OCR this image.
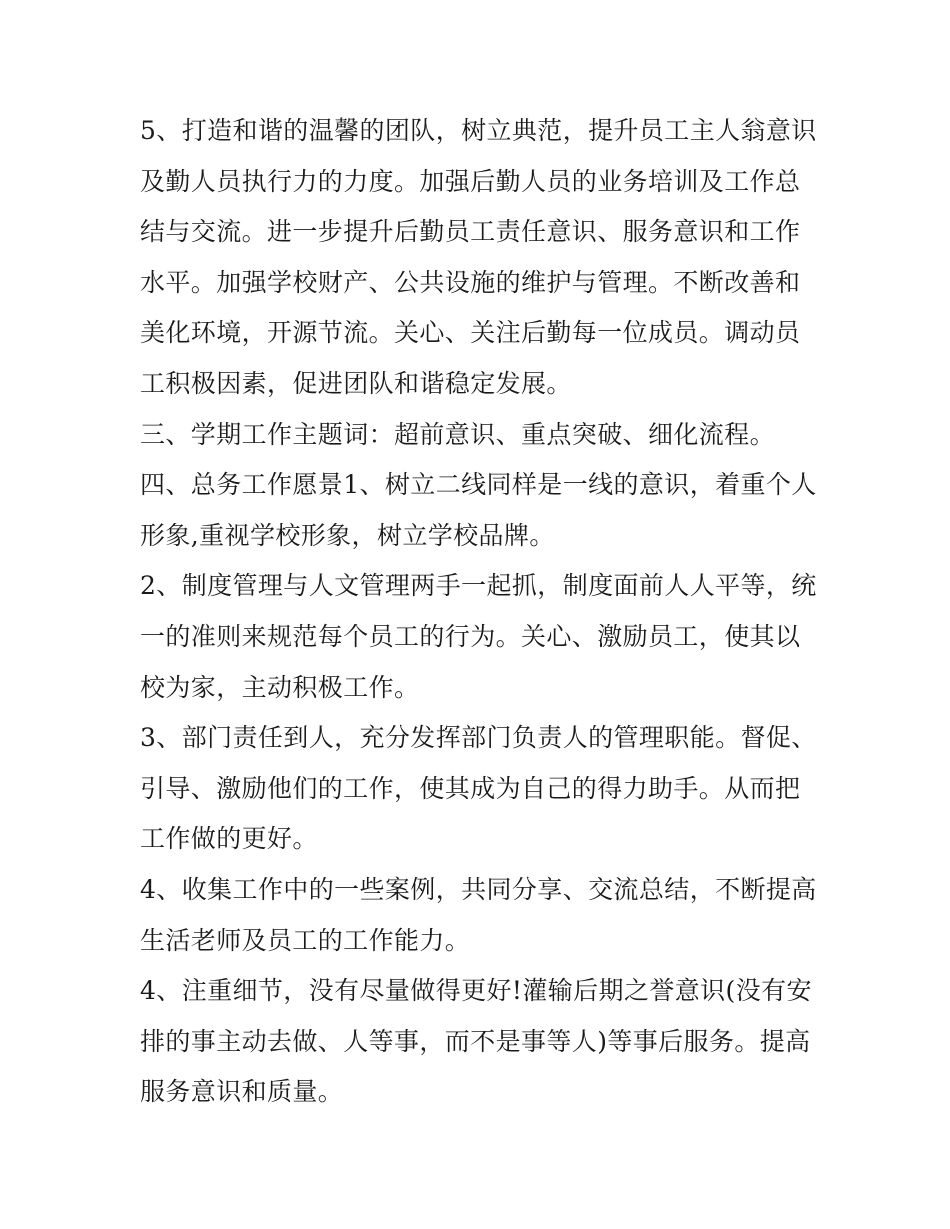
5、打造和谐的温馨的团队，树立典范，提升员工主人翁意识及勤人员执行力的力度。加强后勤人员的业务培训及工作总结与交流。进一步提升后勤员工责任意识、服务意识和工作水平。加强学校财产、公共设施的维护与管理。不断改善和美化环境，开源节流。关心、关注后勤每一位成员。调动员工积极因素，促进团队和谐稳定发展。

三、学期工作主题词：超前意识、重点突破、细化流程。

四、总务工作愿景1、树立二线同样是一线的意识，着重个人形象,重视学校形象，树立学校品牌。

2、制度管理与人文管理两手一起抓，制度面前人人平等，统一的准则来规范每个员工的行为。关心、激励员工，使其以校为家，主动积极工作。

3、部门责任到人，充分发挥部门负责人的管理职能。督促、引导、激励他们的工作，使其成为自己的得力助手。从而把工作做的更好。

4、收集工作中的一些案例，共同分享、交流总结，不断提高生活老师及员工的工作能力。

4、注重细节，没有尽量做得更好!灌输后期之誉意识(没有安排的事主动去做、人等事，而不是事等人)等事后服务。提高服务意识和质量。
